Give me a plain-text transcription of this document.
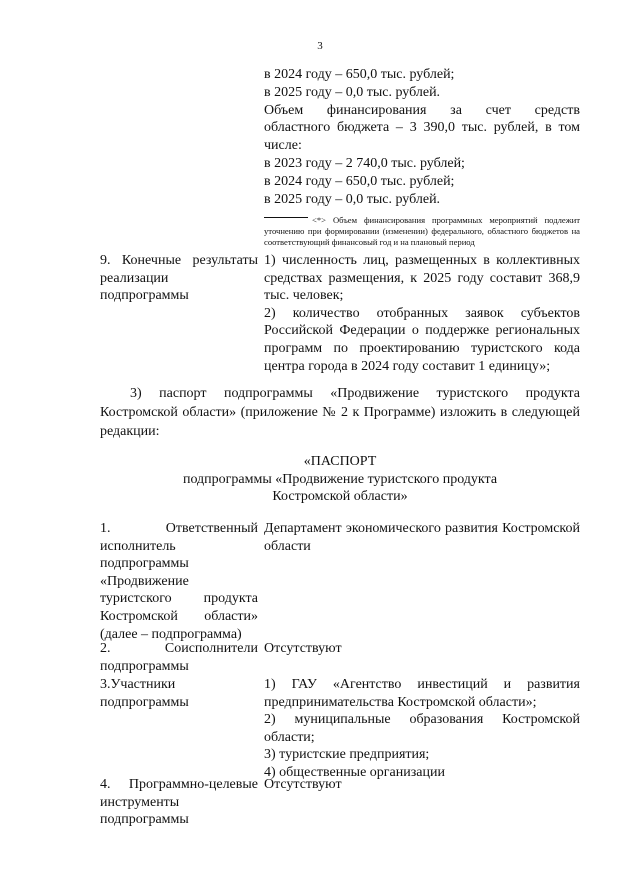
3
в 2024 году – 650,0 тыс. рублей;
в 2025 году – 0,0 тыс. рублей.
Объем финансирования за счет средств
областного бюджета – 3 390,0 тыс. рублей, в том
числе:
в 2023 году – 2 740,0 тыс. рублей;
в 2024 году – 650,0 тыс. рублей;
в 2025 году – 0,0 тыс. рублей.
<*> Объем финансирования программных мероприятий подлежит уточнению при формировании (изменении) федерального, областного бюджетов на соответствующий финансовый год и на плановый период
9. Конечные результаты реализации подпрограммы
1) численность лиц, размещенных в коллективных средствах размещения, к 2025 году составит 368,9 тыс. человек;
2) количество отобранных заявок субъектов Российской Федерации о поддержке региональных программ по проектированию туристского кода центра города в 2024 году составит 1 единицу»;
3) паспорт подпрограммы «Продвижение туристского продукта Костромской области» (приложение № 2 к Программе) изложить в следующей редакции:
«ПАСПОРТ
подпрограммы «Продвижение туристского продукта
Костромской области»
1. Ответственный исполнитель подпрограммы «Продвижение туристского продукта Костромской области» (далее – подпрограмма)
Департамент экономического развития Костромской области
2. Соисполнители подпрограммы
Отсутствуют
3.Участники подпрограммы
1) ГАУ «Агентство инвестиций и развития предпринимательства Костромской области»;
2) муниципальные образования Костромской области;
3) туристские предприятия;
4) общественные организации
4. Программно-целевые инструменты подпрограммы
Отсутствуют
